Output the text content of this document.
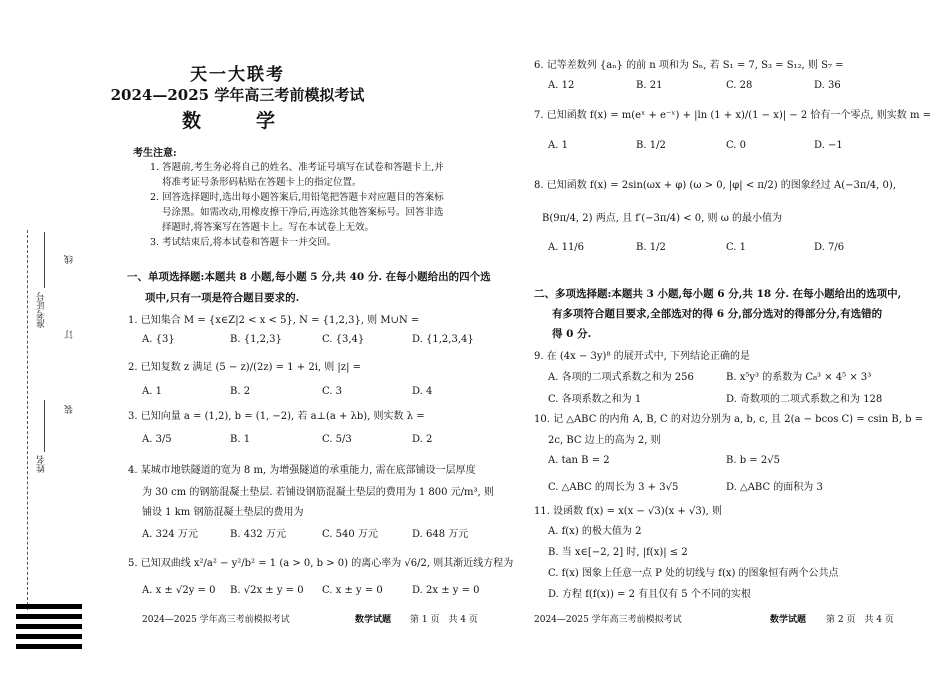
天一大联考
2024—2025 学年高三考前模拟考试
数　学
线
订
装
准考证号
姓名
考生注意:
1. 答题前,考生务必将自己的姓名、准考证号填写在试卷和答题卡上,并
将准考证号条形码粘贴在答题卡上的指定位置。
2. 回答选择题时,选出每小题答案后,用铅笔把答题卡对应题目的答案标
号涂黑。如需改动,用橡皮擦干净后,再选涂其他答案标号。回答非选
择题时,将答案写在答题卡上。写在本试卷上无效。
3. 考试结束后,将本试卷和答题卡一并交回。
一、单项选择题:本题共 8 小题,每小题 5 分,共 40 分. 在每小题给出的四个选
项中,只有一项是符合题目要求的.
1. 已知集合 M = {x∈Z|2 < x < 5}, N = {1,2,3}, 则 M∪N =
A. {3}	B. {1,2,3}	C. {3,4}	D. {1,2,3,4}
2. 已知复数 z 满足 (5 − z)/(2z) = 1 + 2i, 则 |z| =
A. 1	B. 2	C. 3	D. 4
3. 已知向量 a = (1,2), b = (1, −2), 若 a⊥(a + λb), 则实数 λ =
A. 3/5	B. 1	C. 5/3	D. 2
4. 某城市地铁隧道的宽为 8 m, 为增强隧道的承重能力, 需在底部铺设一层厚度
为 30 cm 的钢筋混凝土垫层. 若铺设钢筋混凝土垫层的费用为 1 800 元/m³, 则
铺设 1 km 钢筋混凝土垫层的费用为
A. 324 万元	B. 432 万元	C. 540 万元	D. 648 万元
5. 已知双曲线 x²/a² − y²/b² = 1 (a > 0, b > 0) 的离心率为 √6/2, 则其渐近线方程为
A. x ± √2y = 0 B. √2x ± y = 0 C. x ± y = 0	D. 2x ± y = 0
2024—2025 学年高三考前模拟考试	数学试题 第 1 页　共 4 页
6. 记等差数列 {aₙ} 的前 n 项和为 Sₙ, 若 S₁ = 7, S₃ = S₁₂, 则 S₇ =
A. 12	B. 21	C. 28	D. 36
7. 已知函数 f(x) = m(eˣ + e⁻ˣ) + |ln (1 + x)/(1 − x)| − 2 恰有一个零点, 则实数 m =
A. 1	B. 1/2	C. 0	D. −1
8. 已知函数 f(x) = 2sin(ωx + φ) (ω > 0, |φ| < π/2) 的图象经过 A(−3π/4, 0),
B(9π/4, 2) 两点, 且 f′(−3π/4) < 0, 则 ω 的最小值为
A. 11/6	B. 1/2	C. 1	D. 7/6
二、多项选择题:本题共 3 小题,每小题 6 分,共 18 分. 在每小题给出的选项中,
有多项符合题目要求,全部选对的得 6 分,部分选对的得部分分,有选错的
得 0 分.
9. 在 (4x − 3y)⁸ 的展开式中, 下列结论正确的是
A. 各项的二项式系数之和为 256	B. x⁵y³ 的系数为 C₈³ × 4⁵ × 3³
C. 各项系数之和为 1	D. 奇数项的二项式系数之和为 128
10. 记 △ABC 的内角 A, B, C 的对边分别为 a, b, c, 且 2(a − bcos C) = csin B, b =
2c, BC 边上的高为 2, 则
A. tan B = 2	B. b = 2√5
C. △ABC 的周长为 3 + 3√5	D. △ABC 的面积为 3
11. 设函数 f(x) = x(x − √3)(x + √3), 则
A. f(x) 的极大值为 2
B. 当 x∈[−2, 2] 时, |f(x)| ≤ 2
C. f(x) 图象上任意一点 P 处的切线与 f(x) 的图象恒有两个公共点
D. 方程 f(f(x)) = 2 有且仅有 5 个不同的实根
2024—2025 学年高三考前模拟考试	数学试题 第 2 页　共 4 页
